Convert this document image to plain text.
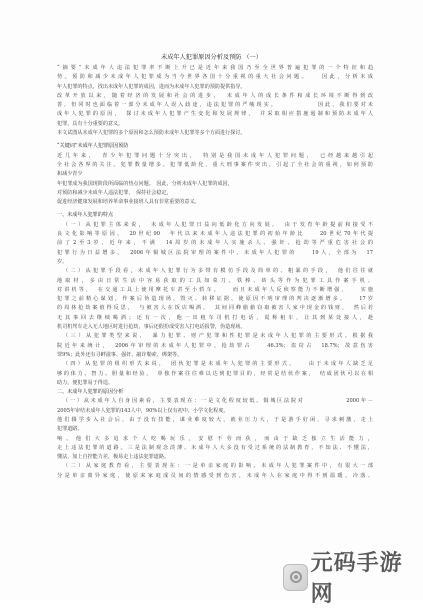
未成年人犯罪原因分析及预防 （一）
“摘要”未成年人违法犯罪率不断上升已是近年来我国乃至全世界普遍犯罪的一个特征和趋
势。预防和减少未成年人犯罪成为当今世界各国十分重视的重大社会问题。　　因此，分析未成
年人犯罪的特点，找出未成年人犯罪的成因，进而为未成年人犯罪的预防提供指导。
改革开放以来，随着经济的发展和社会的进步，　未成年人的成长条件和成长环境不断得到改
善，但同时也面临着一部分未成年人误入歧途，违法犯罪的严峻现实。　　　　　　因此，我们要对未
成年人犯罪的原因，　探讨未成年人犯罪产生变化和发展规律，　并采取相应措施遏制和预防未成年人
犯罪，具有十分重要的意义。
本文试图从未成年人犯罪的多个原因和怎么预防未成年人犯罪等多个方面进行探讨。
“关键词”未成年人犯罪原因预防
近几年来，　青少年犯罪问题十分突出，　特别是我国未成年人犯罪问题，　已经越来越引起
全社会各界的关注。犯罪数量增多，犯罪低龄化，重大刑事案件突出，引起了全社会的重视，如何预防
和减少青少
年犯罪成为我国现阶段所面临的热点问题。　因此，分析未成年人犯罪的成因，
对预防和减少未成年人违法犯罪，　保持社会稳定，
促进经济健康发展和培养革命事业接班人具有非常重要的意义。
一、未成年人犯罪的特点
（一）从犯罪主体来说，　未成年人犯罪日益向低龄化方向发展。　由于发育年龄提前和接受不
良文化影响等原因，　20世纪90　年代以来未成年人违法犯罪的初始年龄比　　20世纪70年代提
前了2至3岁，近年来，不满　14周岁的未成年人实施杀人、强奸、抢劫等严重危害社会的
犯罪行为日益增多。　2006年铜城区法院审理的案件中，未成年人犯罪的　　19人，全部为　17
岁。
（二）从犯罪手段看，未成年人犯罪行为多带有模仿手段及简单的、粗暴的手段，　他们往往就
地取材，多由日常生活中容易获取的工具如菜刀、铁棒、砖头等作为犯罪工具作案手机、
对讲机等，　在交通工具上使用摩托车甚至小轿车。　　而且未成年人反侦察能力不断增强，　　实施
犯罪之前精心谋划，作案后伪造现场，毁灭、转移证据，使原因不明审理的判决逐渐增多。　　17岁
的周林抢劫案值得反思，　与被害人在饭店喝酒，　其间同峰偷偷窃取被害人家中现金的钱财，　然后若
无其事回去继续喝酒；还有一次，他一出租车司机打电话，谎称租车，让其到某处接人，趁
机司机驾车走入无人地区时进行抢劫，事后还假扮成受害人打电话报警，伪造现场。
（三）从犯罪类型来说，　暴力犯罪、财产犯罪和性犯罪是未成年人犯罪的主要形式。根据我
院近年来统计，　2006年审理的未成年人犯罪中，抢劫罪占　　46.3%；盗窃占　18.7%；故意伤害
罪9%；此外还有寻衅滋事、强奸、敲诈勒索、绑架等。
（四）从犯罪的组织形式来说，　团伙犯罪是未成年人犯罪的主要形式。　　由于未成年人缺乏足
够的体力、智力、胆量和经验，　单独作案往往难以达到犯罪目的，经常是结伙作案，　结成团伙可以在相
助力，便犯罪易于得逞。
二、未成年人犯罪的原因分析
（一）从未成年人自身因素看，主要表现在：一是文化程度较低。铜城区法院对　　　　　　2000年－
2005年审结未成年人犯罪的143人中，90%以上仅有初中、小学文化程度。
他们辍学步入社会后，由于没有技能，谋业难度较大，就业压力大，于是游手好闲，寻求刺激，走上
犯罪道路。
响。他们大多追求个人吃喝玩乐，安慰不劳而获，而由于缺乏独立生活能力，
走上违法犯罪的道路。三是法制观念淡薄。未成年人大多没有受过系统的法制教育，不知法、不懂法，
懂法，加上自控能力差，极易走上违法犯罪道路。
（二）从家庭教育看，主要表现在：一是单亲家庭的影响。未成年人犯罪案件中，有很大一部
分是单亲离异家庭，使原来家庭成员间的情感受到伤害，未成年人在家庭中得不到温暖，冷落、
元码手游网
